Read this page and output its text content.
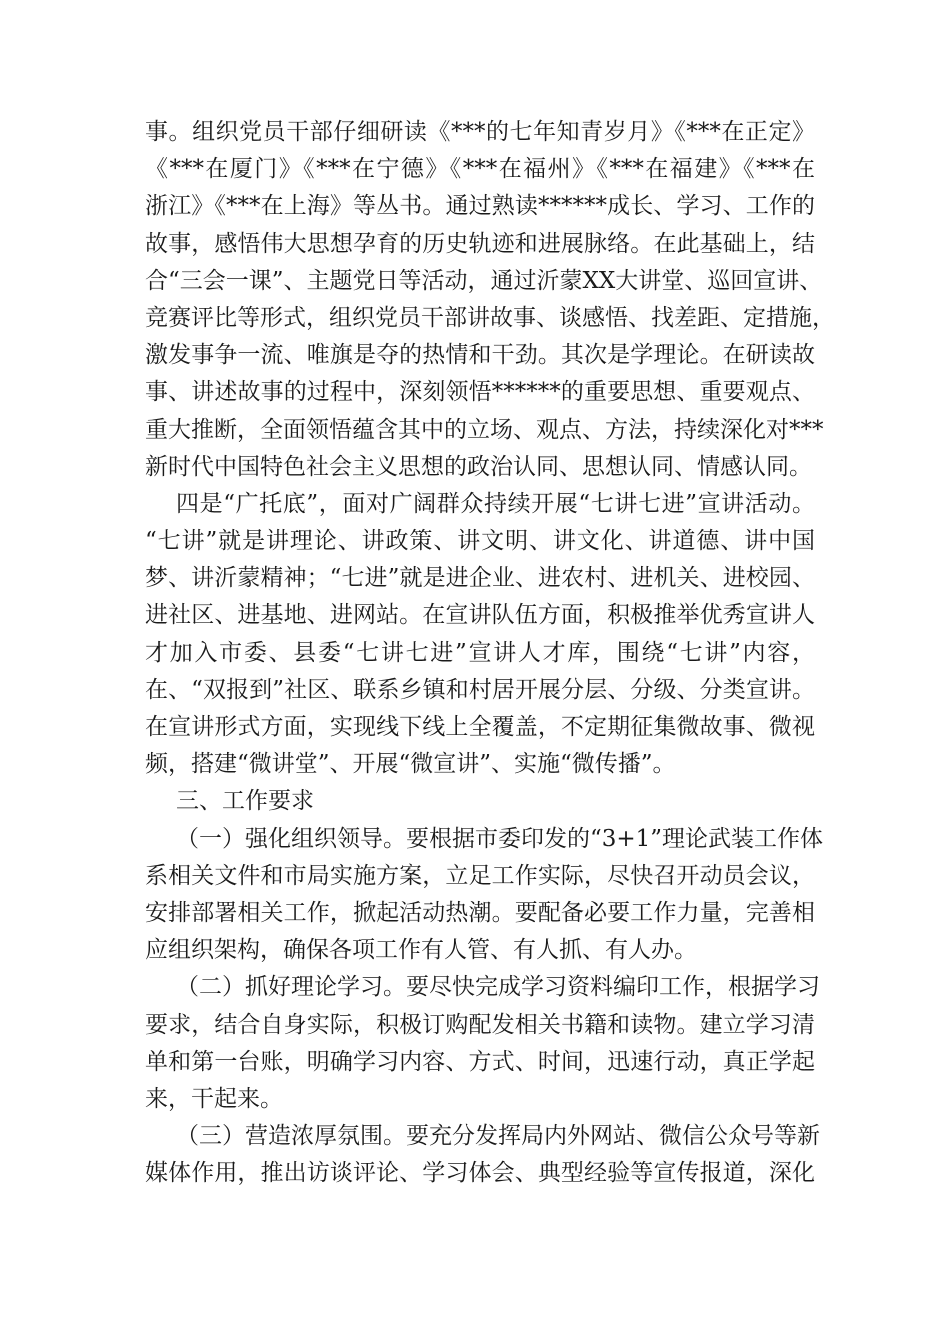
事。组织党员干部仔细研读《***的七年知青岁月》《***在正定》
《***在厦门》《***在宁德》《***在福州》《***在福建》《***在
浙江》《***在上海》等丛书。通过熟读******成长、学习、工作的
故事，感悟伟大思想孕育的历史轨迹和进展脉络。在此基础上，结
合“三会一课”、主题党日等活动，通过沂蒙XX大讲堂、巡回宣讲、
竞赛评比等形式，组织党员干部讲故事、谈感悟、找差距、定措施，
激发事争一流、唯旗是夺的热情和干劲。其次是学理论。在研读故
事、讲述故事的过程中，深刻领悟******的重要思想、重要观点、
重大推断，全面领悟蕴含其中的立场、观点、方法，持续深化对***
新时代中国特色社会主义思想的政治认同、思想认同、情感认同。
四是“广托底”，面对广阔群众持续开展“七讲七进”宣讲活动。
“七讲”就是讲理论、讲政策、讲文明、讲文化、讲道德、讲中国
梦、讲沂蒙精神；“七进”就是进企业、进农村、进机关、进校园、
进社区、进基地、进网站。在宣讲队伍方面，积极推举优秀宣讲人
才加入市委、县委“七讲七进”宣讲人才库，围绕“七讲”内容，
在、“双报到”社区、联系乡镇和村居开展分层、分级、分类宣讲。
在宣讲形式方面，实现线下线上全覆盖，不定期征集微故事、微视
频，搭建“微讲堂”、开展“微宣讲”、实施“微传播”。
三、工作要求
（一）强化组织领导。要根据市委印发的“3+1”理论武装工作体
系相关文件和市局实施方案，立足工作实际，尽快召开动员会议，
安排部署相关工作，掀起活动热潮。要配备必要工作力量，完善相
应组织架构，确保各项工作有人管、有人抓、有人办。
（二）抓好理论学习。要尽快完成学习资料编印工作，根据学习
要求，结合自身实际，积极订购配发相关书籍和读物。建立学习清
单和第一台账，明确学习内容、方式、时间，迅速行动，真正学起
来，干起来。
（三）营造浓厚氛围。要充分发挥局内外网站、微信公众号等新
媒体作用，推出访谈评论、学习体会、典型经验等宣传报道，深化
